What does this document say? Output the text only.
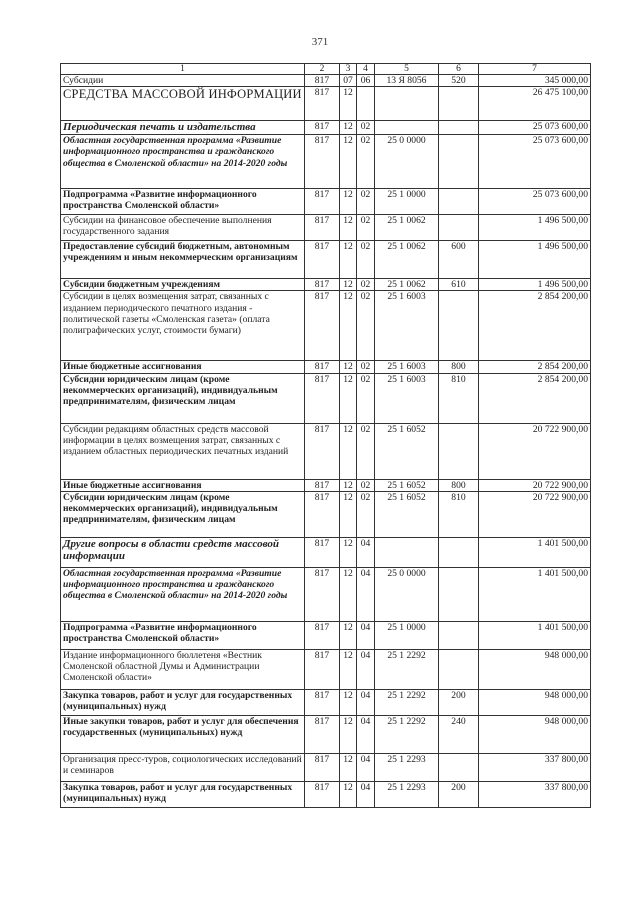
371
1	2	3	4	5	6	7
Субсидии	817	07	06	13 Я 8056	520	345 000,00
СРЕДСТВА МАССОВОЙ ИНФОРМАЦИИ	817	12				26 475 100,00
Периодическая печать и издательства	817	12	02			25 073 600,00
Областная государственная программа «Развитие информационного пространства и гражданского общества в Смоленской области» на 2014-2020 годы	817	12	02	25 0 0000		25 073 600,00
Подпрограмма «Развитие информационного пространства Смоленской области»	817	12	02	25 1 0000		25 073 600,00
Субсидии на финансовое обеспечение выполнения государственного задания	817	12	02	25 1 0062		1 496 500,00
Предоставление субсидий бюджетным, автономным учреждениям и иным некоммерческим организациям	817	12	02	25 1 0062	600	1 496 500,00
Субсидии бюджетным учреждениям	817	12	02	25 1 0062	610	1 496 500,00
Субсидии в целях возмещения затрат, связанных с изданием периодического печатного издания - политической газеты «Смоленская газета» (оплата полиграфических услуг, стоимости бумаги)	817	12	02	25 1 6003		2 854 200,00
Иные бюджетные ассигнования	817	12	02	25 1 6003	800	2 854 200,00
Субсидии юридическим лицам (кроме некоммерческих организаций), индивидуальным предпринимателям, физическим лицам	817	12	02	25 1 6003	810	2 854 200,00
Субсидии редакциям областных средств массовой информации в целях возмещения затрат, связанных с изданием областных периодических печатных изданий	817	12	02	25 1 6052		20 722 900,00
Иные бюджетные ассигнования	817	12	02	25 1 6052	800	20 722 900,00
Субсидии юридическим лицам (кроме некоммерческих организаций), индивидуальным предпринимателям, физическим лицам	817	12	02	25 1 6052	810	20 722 900,00
Другие вопросы в области средств массовой информации	817	12	04			1 401 500,00
Областная государственная программа «Развитие информационного пространства и гражданского общества в Смоленской области» на 2014-2020 годы	817	12	04	25 0 0000		1 401 500,00
Подпрограмма «Развитие информационного пространства Смоленской области»	817	12	04	25 1 0000		1 401 500,00
Издание информационного бюллетеня «Вестник Смоленской областной Думы и Администрации Смоленской области»	817	12	04	25 1 2292		948 000,00
Закупка товаров, работ и услуг для государственных (муниципальных) нужд	817	12	04	25 1 2292	200	948 000,00
Иные закупки товаров, работ и услуг для обеспечения государственных (муниципальных) нужд	817	12	04	25 1 2292	240	948 000,00
Организация пресс-туров, социологических исследований и семинаров	817	12	04	25 1 2293		337 800,00
Закупка товаров, работ и услуг для государственных (муниципальных) нужд	817	12	04	25 1 2293	200	337 800,00
